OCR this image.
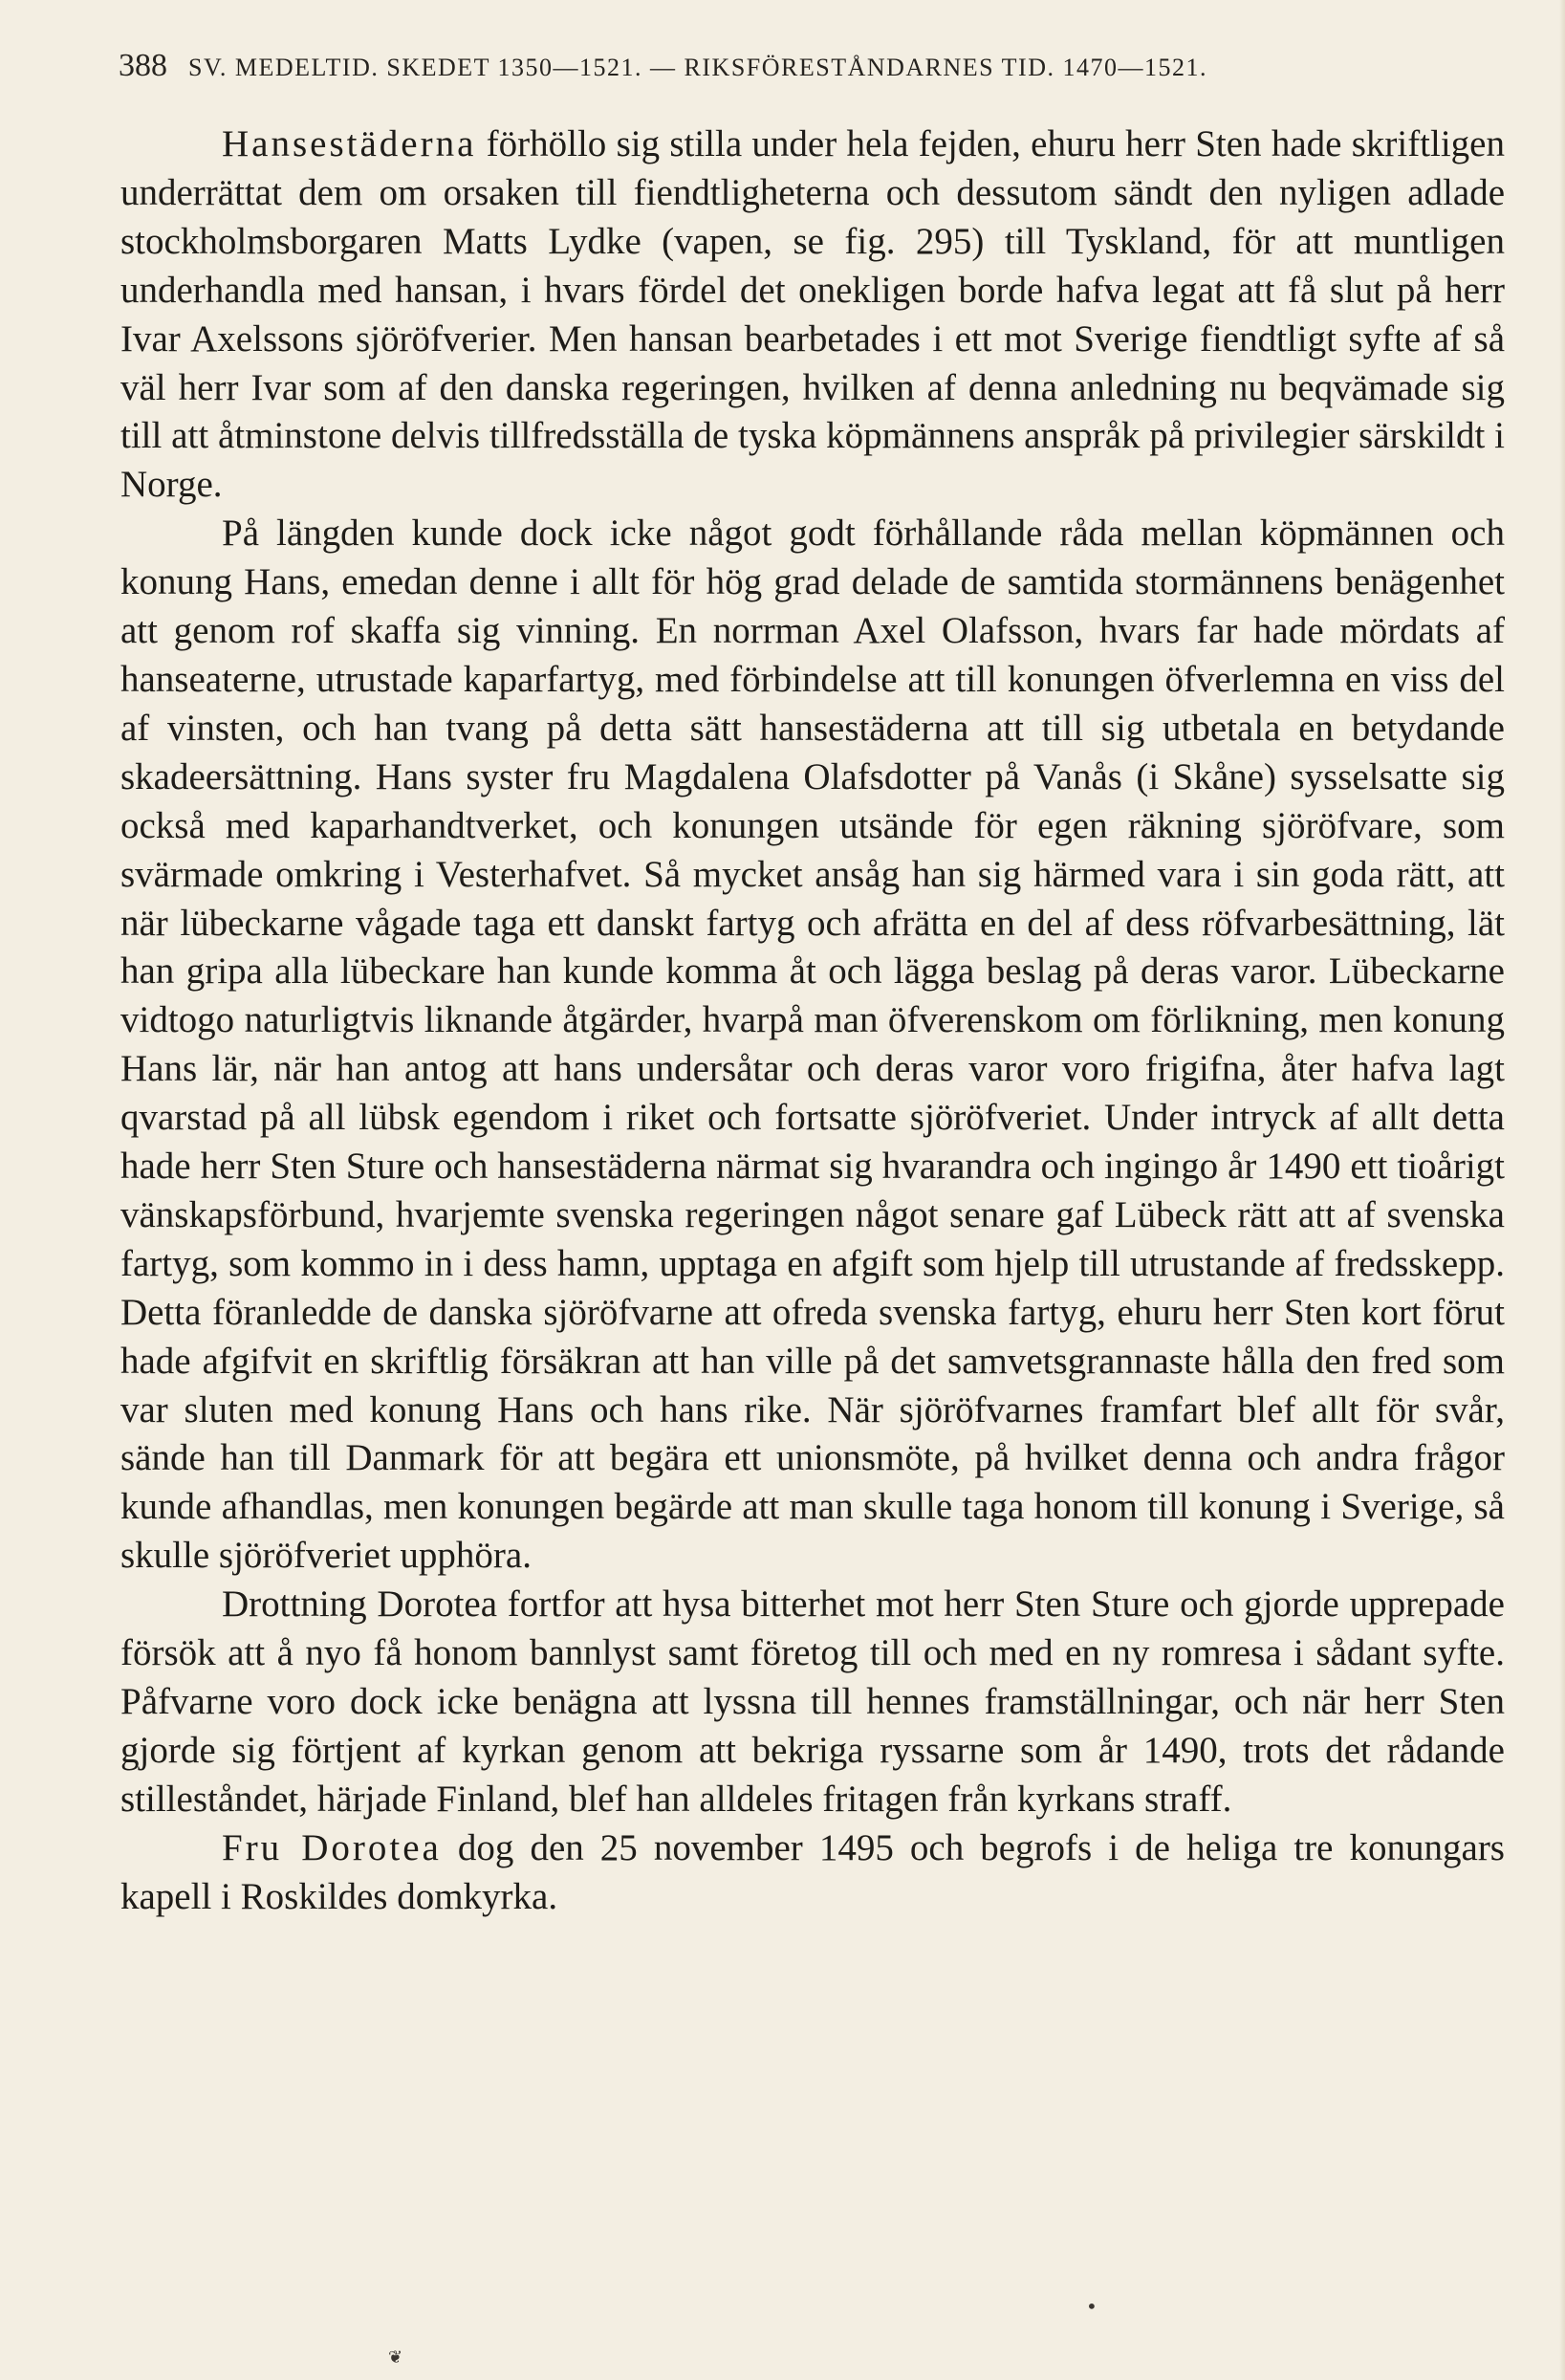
388 SV. MEDELTID. SKEDET 1350—1521. — RIKSFÖRESTÅNDARNES TID. 1470—1521.

Hansestäderna förhöllo sig stilla under hela fejden, ehuru herr Sten hade skriftligen underrättat dem om orsaken till fiendtligheterna och dessutom sändt den nyligen adlade stockholmsborgaren Matts Lydke (vapen, se fig. 295) till Tyskland, för att muntligen underhandla med hansan, i hvars fördel det onekligen borde hafva legat att få slut på herr Ivar Axelssons sjöröfverier. Men hansan bearbetades i ett mot Sverige fiendtligt syfte af så väl herr Ivar som af den danska regeringen, hvilken af denna anledning nu beqvämade sig till att åtminstone delvis tillfredsställa de tyska köpmännens anspråk på privilegier särskildt i Norge.

På längden kunde dock icke något godt förhållande råda mellan köpmännen och konung Hans, emedan denne i allt för hög grad delade de samtida stormännens benägenhet att genom rof skaffa sig vinning. En norrman Axel Olafsson, hvars far hade mördats af hanseaterne, utrustade kaparfartyg, med förbindelse att till konungen öfverlemna en viss del af vinsten, och han tvang på detta sätt hansestäderna att till sig utbetala en betydande skadeersättning. Hans syster fru Magdalena Olafsdotter på Vanås (i Skåne) sysselsatte sig också med kaparhandtverket, och konungen utsände för egen räkning sjöröfvare, som svärmade omkring i Vesterhafvet. Så mycket ansåg han sig härmed vara i sin goda rätt, att när lübeckarne vågade taga ett danskt fartyg och afrätta en del af dess röfvarbesättning, lät han gripa alla lübeckare han kunde komma åt och lägga beslag på deras varor. Lübeckarne vidtogo naturligtvis liknande åtgärder, hvarpå man öfverenskom om förlikning, men konung Hans lär, när han antog att hans undersåtar och deras varor voro frigifna, åter hafva lagt qvarstad på all lübsk egendom i riket och fortsatte sjöröfveriet. Under intryck af allt detta hade herr Sten Sture och hansestäderna närmat sig hvarandra och ingingo år 1490 ett tioårigt vänskapsförbund, hvarjemte svenska regeringen något senare gaf Lübeck rätt att af svenska fartyg, som kommo in i dess hamn, upptaga en afgift som hjelp till utrustande af fredsskepp. Detta föranledde de danska sjöröfvarne att ofreda svenska fartyg, ehuru herr Sten kort förut hade afgifvit en skriftlig försäkran att han ville på det samvetsgrannaste hålla den fred som var sluten med konung Hans och hans rike. När sjöröfvarnes framfart blef allt för svår, sände han till Danmark för att begära ett unionsmöte, på hvilket denna och andra frågor kunde afhandlas, men konungen begärde att man skulle taga honom till konung i Sverige, så skulle sjöröfveriet upphöra.

Drottning Dorotea fortfor att hysa bitterhet mot herr Sten Sture och gjorde upprepade försök att å nyo få honom bannlyst samt företog till och med en ny romresa i sådant syfte. Påfvarne voro dock icke benägna att lyssna till hennes framställningar, och när herr Sten gjorde sig förtjent af kyrkan genom att bekriga ryssarne som år 1490, trots det rådande stilleståndet, härjade Finland, blef han alldeles fritagen från kyrkans straff.

Fru Dorotea dog den 25 november 1495 och begrofs i de heliga tre konungars kapell i Roskildes domkyrka.

•
❦
